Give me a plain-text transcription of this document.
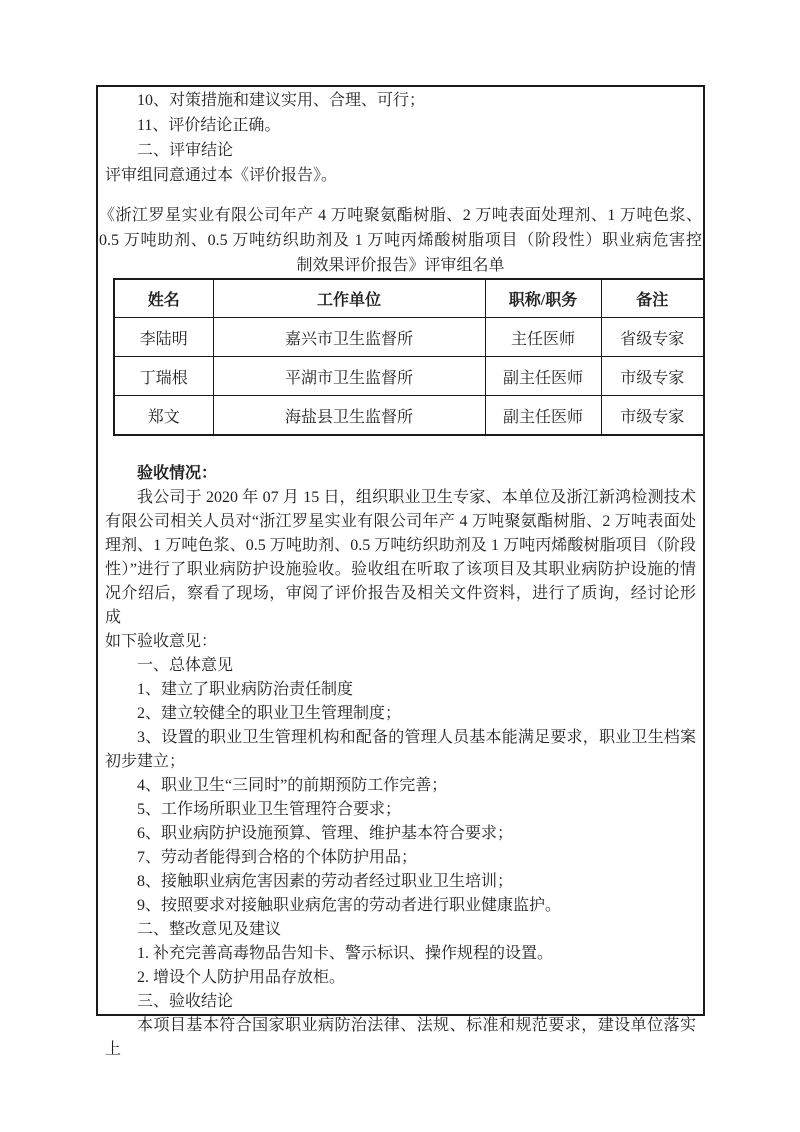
10、对策措施和建议实用、合理、可行；
11、评价结论正确。
二、评审结论
评审组同意通过本《评价报告》。
《浙江罗星实业有限公司年产 4 万吨聚氨酯树脂、2 万吨表面处理剂、1 万吨色浆、
0.5 万吨助剂、0.5 万吨纺织助剂及 1 万吨丙烯酸树脂项目（阶段性）职业病危害控
制效果评价报告》评审组名单
姓名	工作单位	职称/职务	备注
李陆明	嘉兴市卫生监督所	主任医师	省级专家
丁瑞根	平湖市卫生监督所	副主任医师	市级专家
郑文	海盐县卫生监督所	副主任医师	市级专家
验收情况：
我公司于 2020 年 07 月 15 日，组织职业卫生专家、本单位及浙江新鸿检测技术
有限公司相关人员对“浙江罗星实业有限公司年产 4 万吨聚氨酯树脂、2 万吨表面处
理剂、1 万吨色浆、0.5 万吨助剂、0.5 万吨纺织助剂及 1 万吨丙烯酸树脂项目（阶段
性）”进行了职业病防护设施验收。验收组在听取了该项目及其职业病防护设施的情
况介绍后，察看了现场，审阅了评价报告及相关文件资料，进行了质询，经讨论形成
如下验收意见：
一、总体意见
1、建立了职业病防治责任制度
2、建立较健全的职业卫生管理制度；
3、设置的职业卫生管理机构和配备的管理人员基本能满足要求，职业卫生档案
初步建立；
4、职业卫生“三同时”的前期预防工作完善；
5、工作场所职业卫生管理符合要求；
6、职业病防护设施预算、管理、维护基本符合要求；
7、劳动者能得到合格的个体防护用品；
8、接触职业病危害因素的劳动者经过职业卫生培训；
9、按照要求对接触职业病危害的劳动者进行职业健康监护。
二、整改意见及建议
1. 补充完善高毒物品告知卡、警示标识、操作规程的设置。
2. 增设个人防护用品存放柜。
三、验收结论
本项目基本符合国家职业病防治法律、法规、标准和规范要求，建设单位落实上
